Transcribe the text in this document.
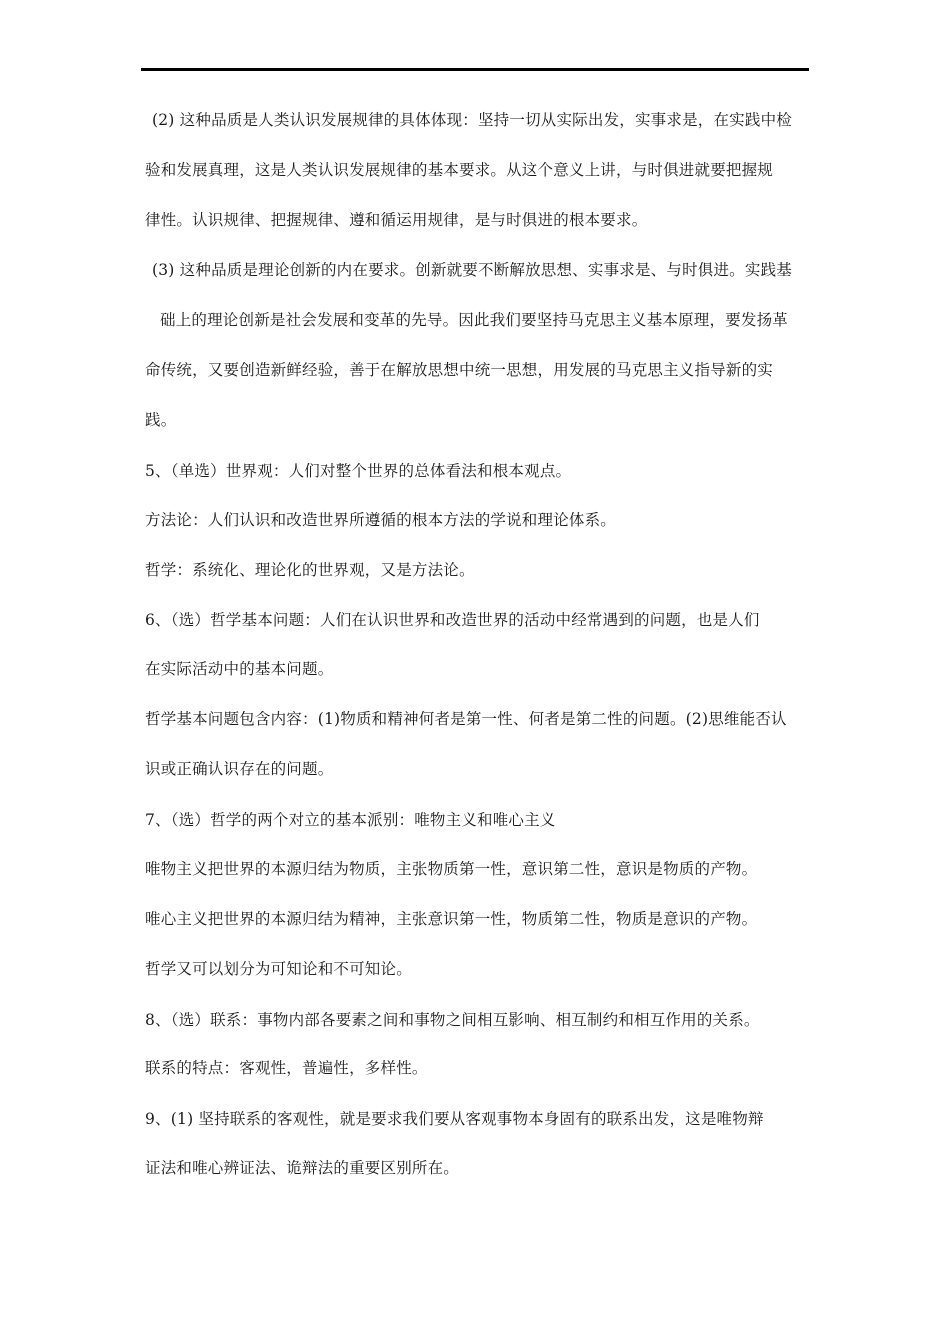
(2) 这种品质是人类认识发展规律的具体体现：坚持一切从实际出发，实事求是，在实践中检
验和发展真理，这是人类认识发展规律的基本要求。从这个意义上讲，与时俱进就要把握规
律性。认识规律、把握规律、遵和循运用规律，是与时俱进的根本要求。
(3) 这种品质是理论创新的内在要求。创新就要不断解放思想、实事求是、与时俱进。实践基
础上的理论创新是社会发展和变革的先导。因此我们要坚持马克思主义基本原理，要发扬革
命传统，又要创造新鲜经验，善于在解放思想中统一思想，用发展的马克思主义指导新的实
践。
5、（单选）世界观：人们对整个世界的总体看法和根本观点。
方法论：人们认识和改造世界所遵循的根本方法的学说和理论体系。
哲学：系统化、理论化的世界观，又是方法论。
6、（选）哲学基本问题：人们在认识世界和改造世界的活动中经常遇到的问题，也是人们
在实际活动中的基本问题。
哲学基本问题包含内容：(1)物质和精神何者是第一性、何者是第二性的问题。(2)思维能否认
识或正确认识存在的问题。
7、（选）哲学的两个对立的基本派别：唯物主义和唯心主义
唯物主义把世界的本源归结为物质，主张物质第一性，意识第二性，意识是物质的产物。
唯心主义把世界的本源归结为精神，主张意识第一性，物质第二性，物质是意识的产物。
哲学又可以划分为可知论和不可知论。
8、（选）联系：事物内部各要素之间和事物之间相互影响、相互制约和相互作用的关系。
联系的特点：客观性，普遍性，多样性。
9、(1) 坚持联系的客观性，就是要求我们要从客观事物本身固有的联系出发，这是唯物辩
证法和唯心辨证法、诡辩法的重要区别所在。
